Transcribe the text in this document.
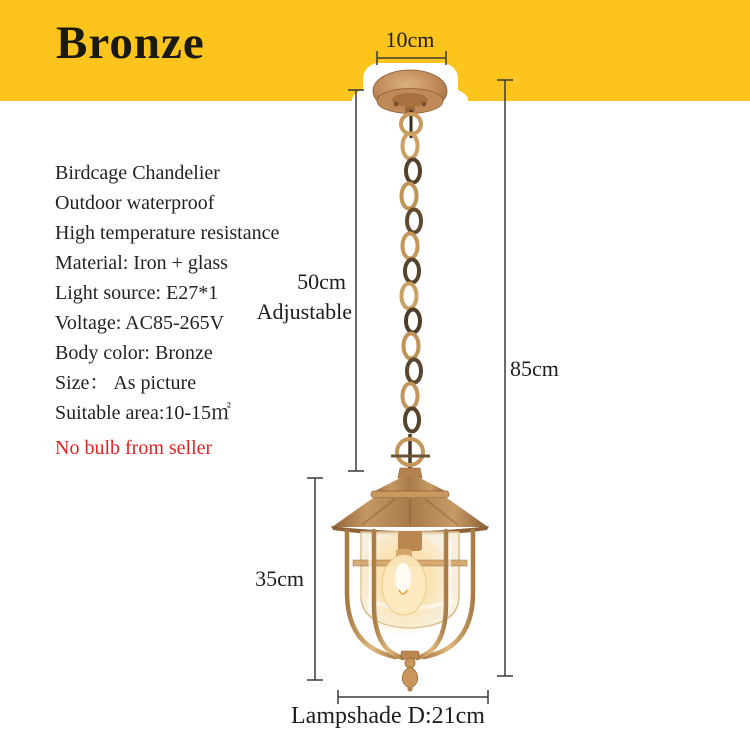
Bronze
Birdcage Chandelier
Outdoor waterproof
High temperature resistance
Material: Iron + glass
Light source: E27*1
Voltage: AC85-265V
Body color: Bronze
Size： As picture
Suitable area:10-15㎡
No bulb from seller
10cm
50cm
Adjustable
85cm
35cm
Lampshade D:21cm
